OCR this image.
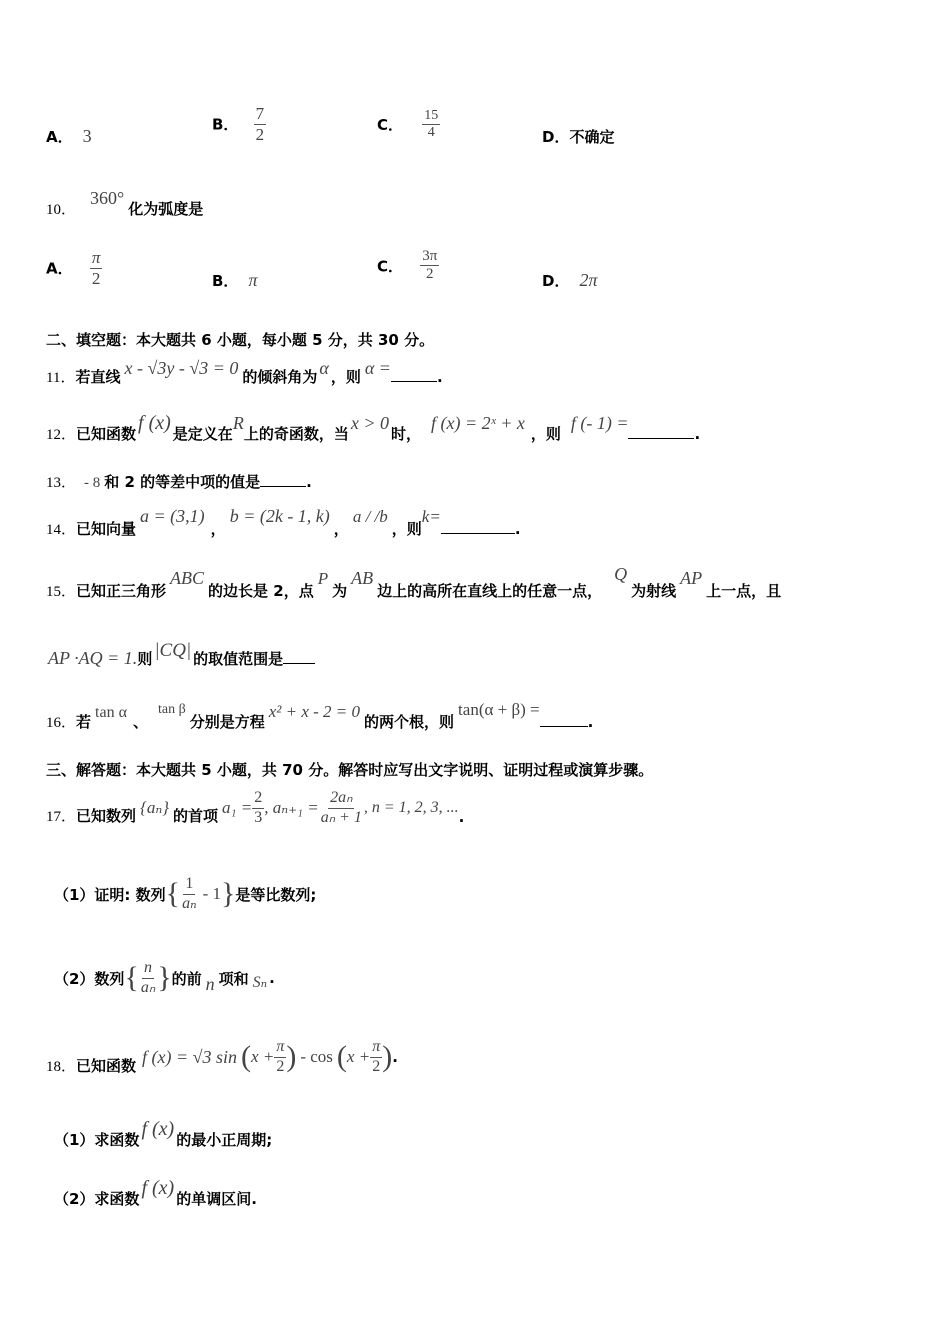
A． 3
B． $\frac{7}{2}$	C． $\frac{15}{4}$	D．不确定
10．360°化为弧度是
A． $\frac{\pi}{2}$	B． π
C． $\frac{3\pi}{2}$	D． 2π
二、填空题：本大题共 6 小题，每小题 5 分，共 30 分。
11．若直线 x - √3y - √3 = 0 的倾斜角为 α ，则 α =	.
12．已知函数 f (x) 是定义在R上的奇函数，当x > 0时，f (x) = 2ˣ + x，则f (- 1) =.
13． - 8 和 2 的等差中项的值是	.
14．已知向量a = (3,1)，b = (2k - 1, k)，a / /b，则k=.
15．已知正三角形ABC的边长是 2，点P为AB边上的高所在直线上的任意一点，Q为射线AP上一点，且
AP ·AQ = 1.则 |CQ| 的取值范围是
16．若tan α、tan β分别是方程x² + x - 2 = 0的两个根，则tan(α + β) =.
三、解答题：本大题共 5 小题，共 70 分。解答时应写出文字说明、证明过程或演算步骤。
17． 已知数列 {aₙ} 的首项 $a_1 = \frac{2}{3}$ , $a_{n+1} = \frac{\text{2aₙ}}{\text{aₙ + 1}}$ , n = 1, 2, 3, ...
.
（1）证明: 数列 { $\frac{1}{\text{aₙ}} - 1$ } 是等比数列;
（2）数列 { $\frac{n}{\text{aₙ}}$ } 的前 n 项和 Sₙ .
18． 已知函数 f (x) = √3 sin ( $x + \frac{\pi}{2}$ ) - cos ( $x + \frac{\pi}{2}$ ) .
（1）求函数 f (x) 的最小正周期;
（2）求函数 f (x) 的单调区间.
